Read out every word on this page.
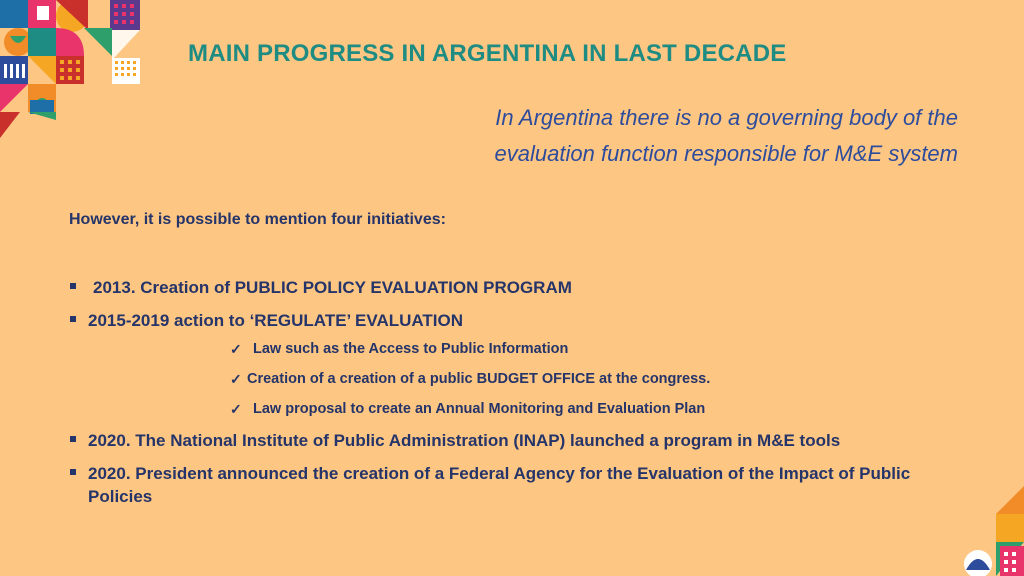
MAIN PROGRESS IN ARGENTINA IN LAST DECADE
In Argentina there is no a governing body of the
evaluation function responsible for M&E system
However, it is possible to mention four initiatives:
2013. Creation of PUBLIC POLICY EVALUATION PROGRAM
2015-2019 action to ‘REGULATE’ EVALUATION
✓ Law such as the Access to Public Information
✓ Creation of a creation of a public BUDGET OFFICE at the congress.
✓ Law proposal to create an Annual Monitoring and Evaluation Plan
2020. The National Institute of Public Administration (INAP) launched a program in M&E tools
2020. President announced the creation of a Federal Agency for the Evaluation of the Impact of Public Policies
